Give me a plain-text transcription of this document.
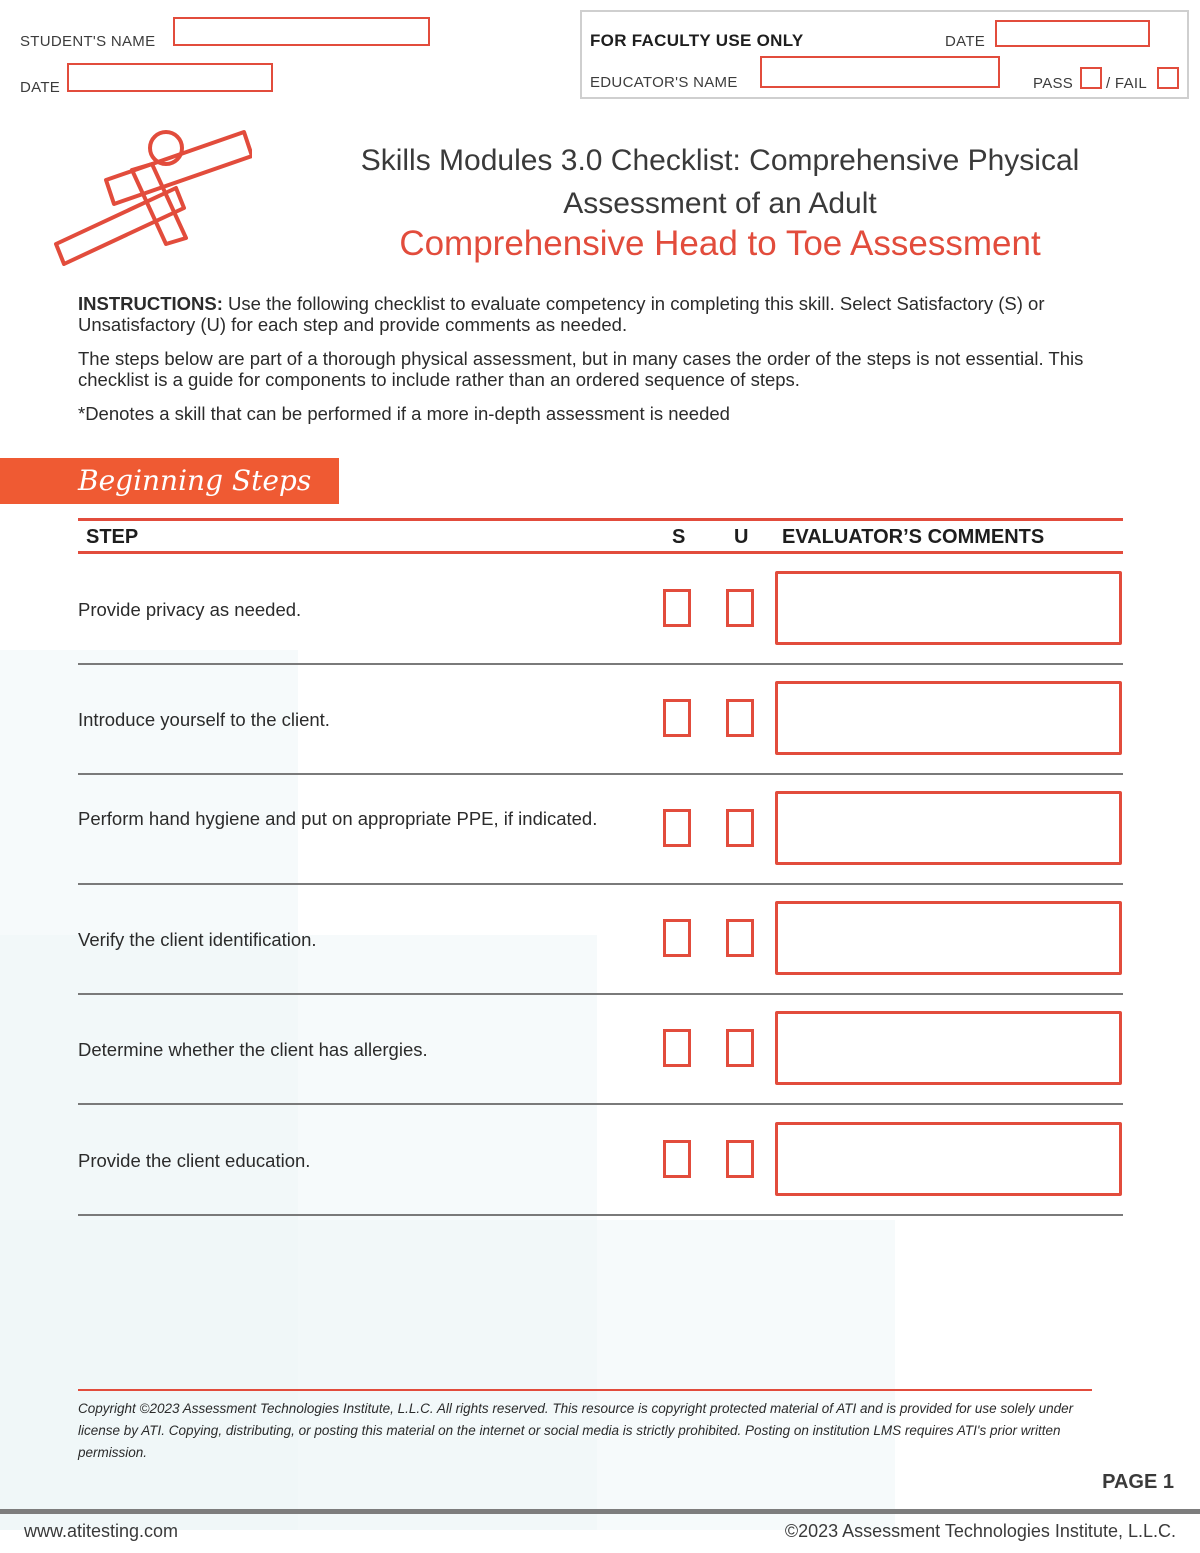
STUDENT'S NAME
DATE
FOR FACULTY USE ONLY	DATE
EDUCATOR'S NAME	PASS / FAIL
Skills Modules 3.0 Checklist: Comprehensive Physical
Assessment of an Adult
Comprehensive Head to Toe Assessment
INSTRUCTIONS: Use the following checklist to evaluate competency in completing this skill. Select Satisfactory (S) or Unsatisfactory (U) for each step and provide comments as needed.
The steps below are part of a thorough physical assessment, but in many cases the order of the steps is not essential. This checklist is a guide for components to include rather than an ordered sequence of steps.
*Denotes a skill that can be performed if a more in-depth assessment is needed
Beginning Steps
STEP	S U EVALUATOR’S COMMENTS
Provide privacy as needed.
Introduce yourself to the client.
Perform hand hygiene and put on appropriate PPE, if indicated.
Verify the client identification.
Determine whether the client has allergies.
Provide the client education.
Copyright ©2023 Assessment Technologies Institute, L.L.C. All rights reserved. This resource is copyright protected material of ATI and is provided for use solely under license by ATI. Copying, distributing, or posting this material on the internet or social media is strictly prohibited. Posting on institution LMS requires ATI's prior written permission.
PAGE 1
www.atitesting.com	©2023 Assessment Technologies Institute, L.L.C.
